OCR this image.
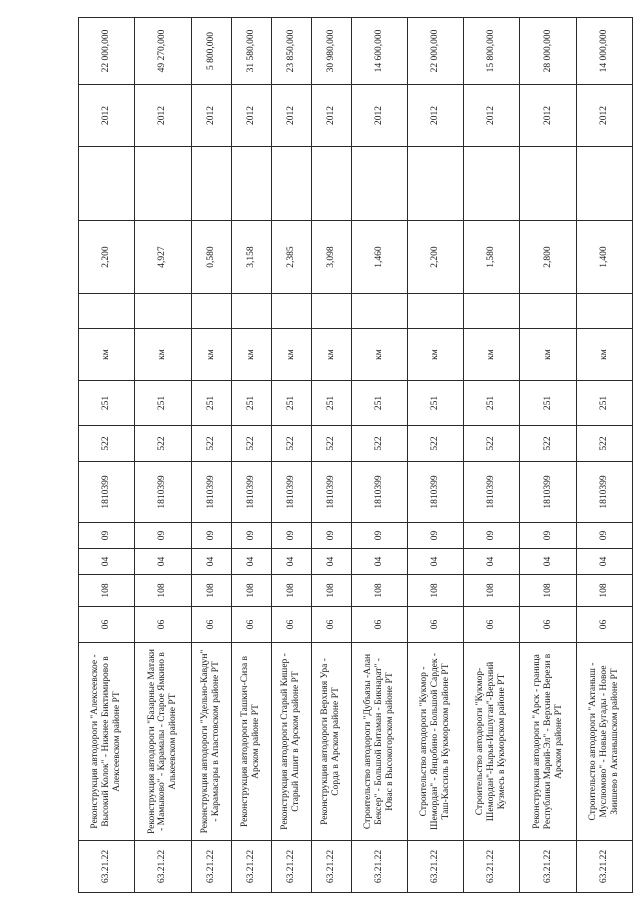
63.21.22	Реконструкция автодороги "Алексеевское - Высокий Колок" - Нижнее Биктимирово в Алексеевском районе РТ	06	108	04	09	1810399	522	251	км		2,200		2012	22 000,000
63.21.22	Реконструкция автодороги "Базарные Матаки - Мамыково" - Карамалы - Старое Ямкино в Алькеевском районе РТ	06	108	04	09	1810399	522	251	км		4,927		2012	49 270,000
63.21.22	Реконструкция автодороги "Удельно-Кавдун" - Карамасары в Апастовском районе РТ	06	108	04	09	1810399	522	251	км		0,580		2012	5 800,000
63.21.22	Реконструкция автодороги Ташкич-Сиза в Арском районе РТ	06	108	04	09	1810399	522	251	км		3,158		2012	31 580,000
63.21.22	Реконструкция автодороги Старый Кишер - Старый Ашит в Арском районе РТ	06	108	04	09	1810399	522	251	км		2,385		2012	23 850,000
63.21.22	Реконструкция автодороги Верхняя Ура - Сорда в Арском районе РТ	06	108	04	09	1810399	522	251	км		3,098		2012	30 980,000
63.21.22	Строительство автодороги "Дубъязы -Алан Бексер" - Большой Битаман - Бикнарат" - Ювас в Высокогорском районе РТ	06	108	04	09	1810399	522	251	км		1,460		2012	14 600,000
63.21.22	Строительство автодороги "Кукмор - Шемордан" - Янцобино - Большой Сардек - Таш-Кассиль в Кукморском районе РТ	06	108	04	09	1810399	522	251	км		2,200		2012	22 000,000
63.21.22	Строительство автодороги "Кукмор-Шемордан"-Нырья-Ишлуган"-Верхний Кузмесь в Кукморском районе РТ	06	108	04	09	1810399	522	251	км		1,580		2012	15 800,000
63.21.22	Реконструкция автодороги "Арск - граница Республики Марий-Эл" - Верхние Верези в Арском районе РТ	06	108	04	09	1810399	522	251	км		2,800		2012	28 000,000
63.21.22	Строительство автодороги "Актаныш - Муслюмово" - Новые Бугады - Новое Зиишево в Актанышском районе РТ	06	108	04	09	1810399	522	251	км		1,400		2012	14 000,000
